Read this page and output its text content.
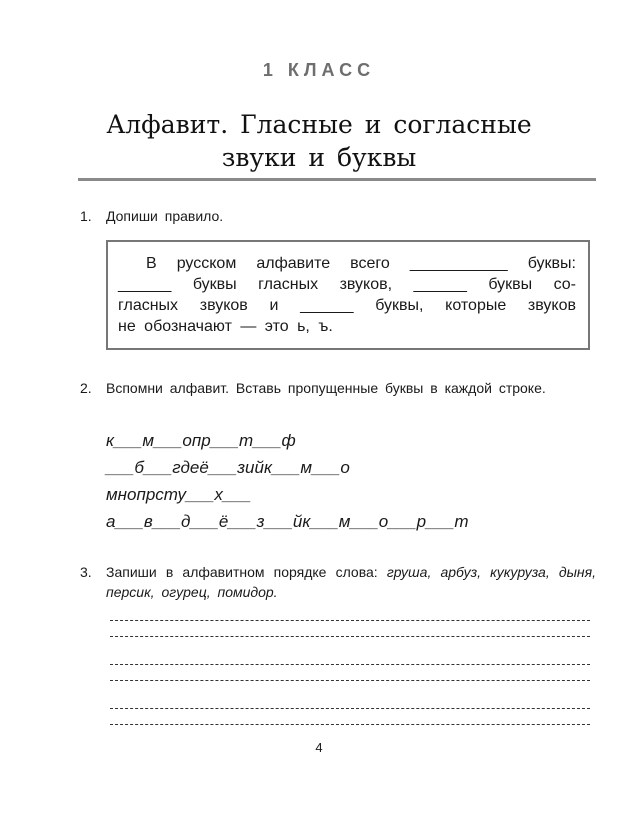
1 КЛАСС
Алфавит. Гласные и согласные
звуки и буквы
1.	Допиши правило.
В русском алфавите всего ___________ буквы:
______ буквы гласных звуков, ______ буквы со-
гласных звуков и ______ буквы, которые звуков
не обозначают — это ь, ъ.
2.	Вспомни алфавит. Вставь пропущенные буквы в каждой строке.
к___м___опр___т___ф
___б___гдеё___зийк___м___о
мнопрсту___х___
а___в___д___ё___з___йк___м___о___р___т
3.	Запиши в алфавитном порядке слова: груша, арбуз, кукуруза, дыня, персик, огурец, помидор.
4
